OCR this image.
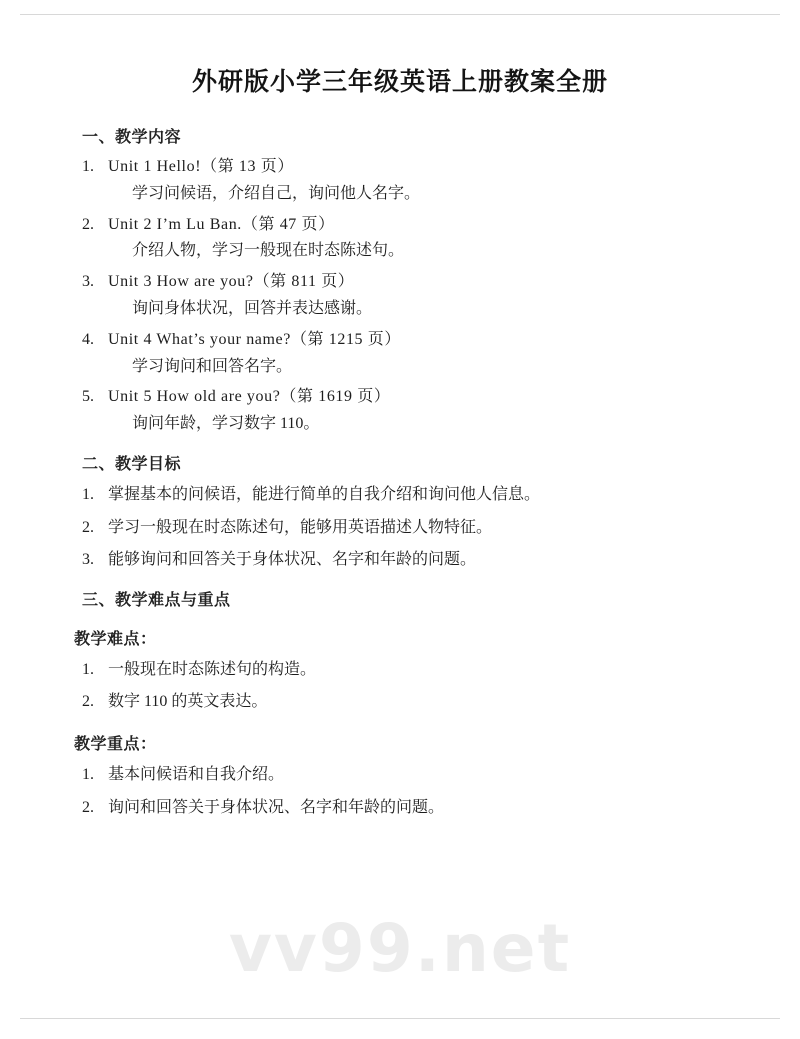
外研版小学三年级英语上册教案全册
一、教学内容
1. Unit 1 Hello!（第 13 页）
学习问候语，介绍自己，询问他人名字。
2. Unit 2 I’m Lu Ban.（第 47 页）
介绍人物，学习一般现在时态陈述句。
3. Unit 3 How are you?（第 811 页）
询问身体状况，回答并表达感谢。
4. Unit 4 What’s your name?（第 1215 页）
学习询问和回答名字。
5. Unit 5 How old are you?（第 1619 页）
询问年龄，学习数字 110。
二、教学目标
1. 掌握基本的问候语，能进行简单的自我介绍和询问他人信息。
2. 学习一般现在时态陈述句，能够用英语描述人物特征。
3. 能够询问和回答关于身体状况、名字和年龄的问题。
三、教学难点与重点
教学难点：
1. 一般现在时态陈述句的构造。
2. 数字 110 的英文表达。
教学重点：
1. 基本问候语和自我介绍。
2. 询问和回答关于身体状况、名字和年龄的问题。
vv99.net
